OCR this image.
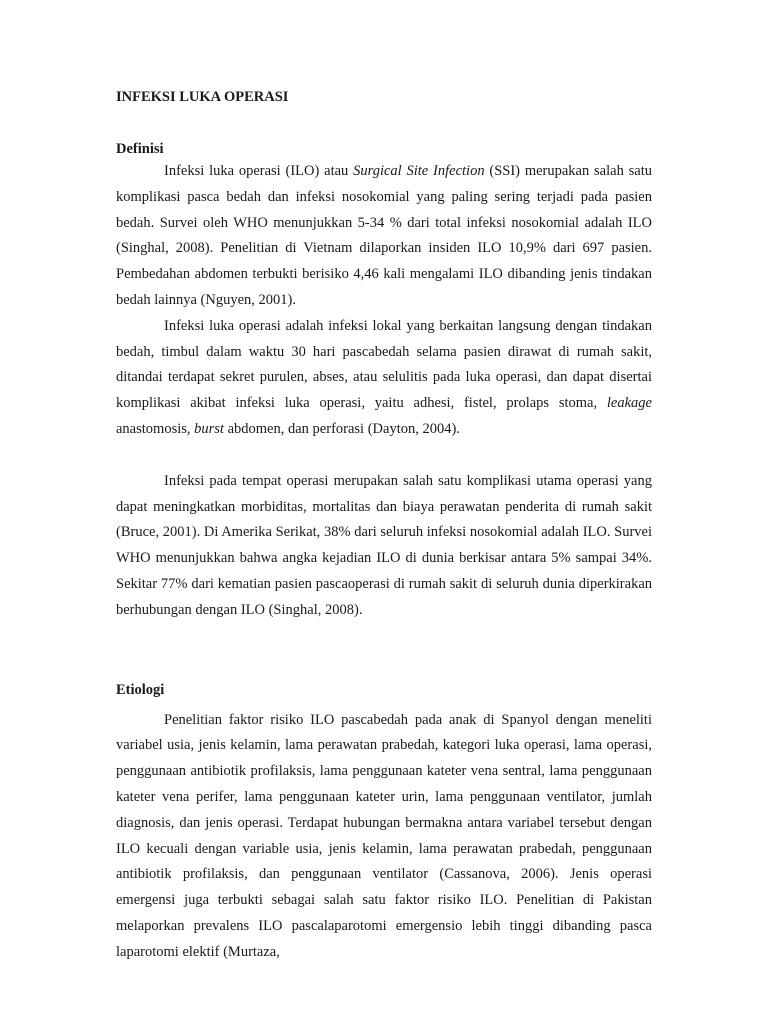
INFEKSI LUKA OPERASI
Definisi

Infeksi luka operasi (ILO) atau Surgical Site Infection (SSI) merupakan salah satu komplikasi pasca bedah dan infeksi nosokomial yang paling sering terjadi pada pasien bedah. Survei oleh WHO menunjukkan 5-34 % dari total infeksi nosokomial adalah ILO (Singhal, 2008). Penelitian di Vietnam dilaporkan insiden ILO 10,9% dari 697 pasien. Pembedahan abdomen terbukti berisiko 4,46 kali mengalami ILO dibanding jenis tindakan bedah lainnya (Nguyen, 2001).

Infeksi luka operasi adalah infeksi lokal yang berkaitan langsung dengan tindakan bedah, timbul dalam waktu 30 hari pascabedah selama pasien dirawat di rumah sakit, ditandai terdapat sekret purulen, abses, atau selulitis pada luka operasi, dan dapat disertai komplikasi akibat infeksi luka operasi, yaitu adhesi, fistel, prolaps stoma, leakage anastomosis, burst abdomen, dan perforasi (Dayton, 2004).

Infeksi pada tempat operasi merupakan salah satu komplikasi utama operasi yang dapat meningkatkan morbiditas, mortalitas dan biaya perawatan penderita di rumah sakit (Bruce, 2001). Di Amerika Serikat, 38% dari seluruh infeksi nosokomial adalah ILO. Survei WHO menunjukkan bahwa angka kejadian ILO di dunia berkisar antara 5% sampai 34%. Sekitar 77% dari kematian pasien pascaoperasi di rumah sakit di seluruh dunia diperkirakan berhubungan dengan ILO (Singhal, 2008).

Etiologi

Penelitian faktor risiko ILO pascabedah pada anak di Spanyol dengan meneliti variabel usia, jenis kelamin, lama perawatan prabedah, kategori luka operasi, lama operasi, penggunaan antibiotik profilaksis, lama penggunaan kateter vena sentral, lama penggunaan kateter vena perifer, lama penggunaan kateter urin, lama penggunaan ventilator, jumlah diagnosis, dan jenis operasi. Terdapat hubungan bermakna antara variabel tersebut dengan ILO kecuali dengan variable usia, jenis kelamin, lama perawatan prabedah, penggunaan antibiotik profilaksis, dan penggunaan ventilator (Cassanova, 2006). Jenis operasi emergensi juga terbukti sebagai salah satu faktor risiko ILO. Penelitian di Pakistan melaporkan prevalens ILO pascalaparotomi emergensio lebih tinggi dibanding pasca laparotomi elektif (Murtaza,
